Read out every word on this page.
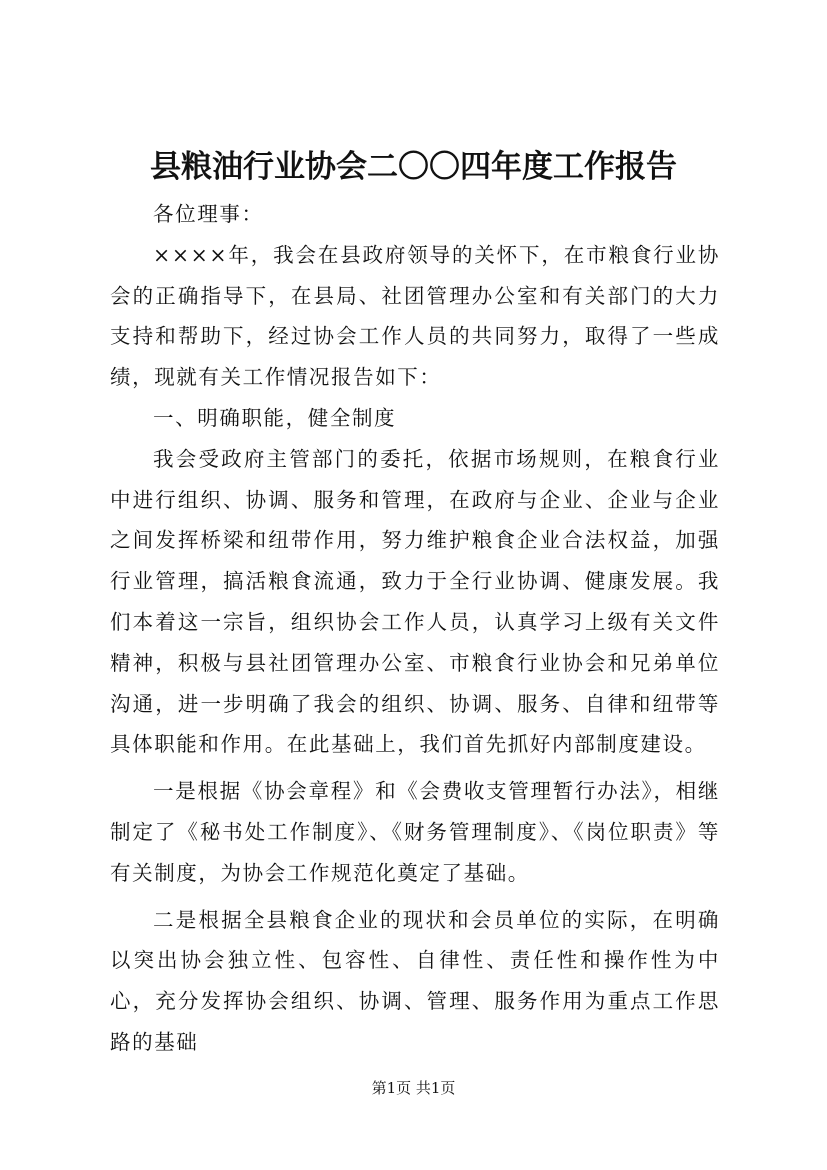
县粮油行业协会二〇〇四年度工作报告

各位理事：

××××年，我会在县政府领导的关怀下，在市粮食行业协会的正确指导下，在县局、社团管理办公室和有关部门的大力支持和帮助下，经过协会工作人员的共同努力，取得了一些成绩，现就有关工作情况报告如下：

一、明确职能，健全制度

我会受政府主管部门的委托，依据市场规则，在粮食行业中进行组织、协调、服务和管理，在政府与企业、企业与企业之间发挥桥梁和纽带作用，努力维护粮食企业合法权益，加强行业管理，搞活粮食流通，致力于全行业协调、健康发展。我们本着这一宗旨，组织协会工作人员，认真学习上级有关文件精神，积极与县社团管理办公室、市粮食行业协会和兄弟单位沟通，进一步明确了我会的组织、协调、服务、自律和纽带等具体职能和作用。在此基础上，我们首先抓好内部制度建设。

一是根据《协会章程》和《会费收支管理暂行办法》，相继制定了《秘书处工作制度》、《财务管理制度》、《岗位职责》等有关制度，为协会工作规范化奠定了基础。

二是根据全县粮食企业的现状和会员单位的实际，在明确以突出协会独立性、包容性、自律性、责任性和操作性为中心，充分发挥协会组织、协调、管理、服务作用为重点工作思路的基础

第1页 共1页
